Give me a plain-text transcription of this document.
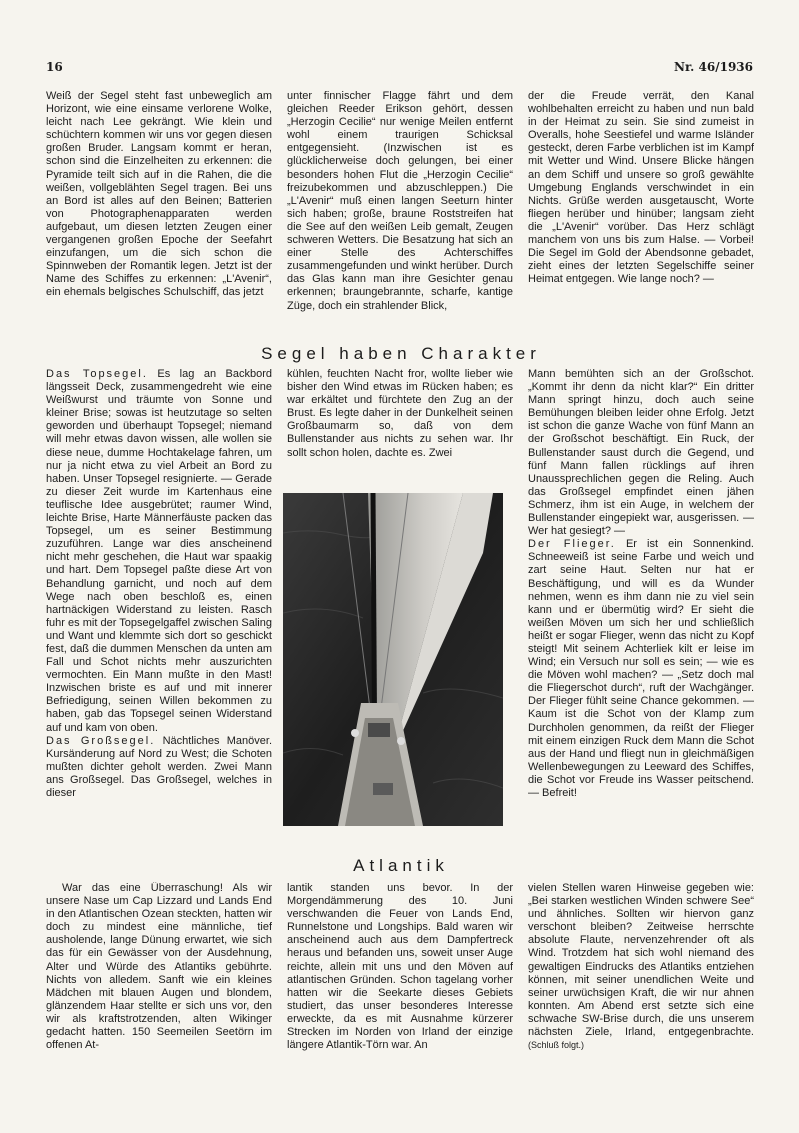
16	Nr. 46/1936

Weiß der Segel steht fast unbeweglich am Horizont, wie eine einsame verlorene Wolke, leicht nach Lee gekrängt. Wie klein und schüchtern kommen wir uns vor gegen diesen großen Bruder. Langsam kommt er heran, schon sind die Einzelheiten zu erkennen: die Pyramide teilt sich auf in die Rahen, die die weißen, vollgeblähten Segel tragen. Bei uns an Bord ist alles auf den Beinen; Batterien von Photographenapparaten werden aufgebaut, um diesen letzten Zeugen einer vergangenen großen Epoche der Seefahrt einzufangen, um die sich schon die Spinnweben der Romantik legen. Jetzt ist der Name des Schiffes zu erkennen: „L'Avenir“, ein ehemals belgisches Schulschiff, das jetzt

unter finnischer Flagge fährt und dem gleichen Reeder Erikson gehört, dessen „Herzogin Cecilie“ nur wenige Meilen entfernt wohl einem traurigen Schicksal entgegensieht. (Inzwischen ist es glücklicherweise doch gelungen, bei einer besonders hohen Flut die „Herzogin Cecilie“ freizubekommen und abzuschleppen.) Die „L'Avenir“ muß einen langen Seeturn hinter sich haben; große, braune Roststreifen hat die See auf den weißen Leib gemalt, Zeugen schweren Wetters. Die Besatzung hat sich an einer Stelle des Achterschiffes zusammengefunden und winkt herüber. Durch das Glas kann man ihre Gesichter genau erkennen; braungebrannte, scharfe, kantige Züge, doch ein strahlender Blick,

der die Freude verrät, den Kanal wohlbehalten erreicht zu haben und nun bald in der Heimat zu sein. Sie sind zumeist in Overalls, hohe Seestiefel und warme Isländer gesteckt, deren Farbe verblichen ist im Kampf mit Wetter und Wind. Unsere Blicke hängen an dem Schiff und unsere so groß gewählte Umgebung Englands verschwindet in ein Nichts. Grüße werden ausgetauscht, Worte fliegen herüber und hinüber; langsam zieht die „L'Avenir“ vorüber. Das Herz schlägt manchem von uns bis zum Halse. — Vorbei! Die Segel im Gold der Abendsonne gebadet, zieht eines der letzten Segelschiffe seiner Heimat entgegen. Wie lange noch? —

Segel haben Charakter

Das Topsegel. Es lag an Backbord längsseit Deck, zusammengedreht wie eine Weißwurst und träumte von Sonne und kleiner Brise; sowas ist heutzutage so selten geworden und überhaupt Topsegel; niemand will mehr etwas davon wissen, alle wollen sie diese neue, dumme Hochtakelage fahren, um nur ja nicht etwa zu viel Arbeit an Bord zu haben. Unser Topsegel resignierte. — Gerade zu dieser Zeit wurde im Kartenhaus eine teuflische Idee ausgebrütet; raumer Wind, leichte Brise, Harte Männerfäuste packen das Topsegel, um es seiner Bestimmung zuzuführen. Lange war dies anscheinend nicht mehr geschehen, die Haut war spaakig und hart. Dem Topsegel paßte diese Art von Behandlung garnicht, und noch auf dem Wege nach oben beschloß es, einen hartnäckigen Widerstand zu leisten. Rasch fuhr es mit der Topsegelgaffel zwischen Saling und Want und klemmte sich dort so geschickt fest, daß die dummen Menschen da unten am Fall und Schot nichts mehr auszurichten vermochten. Ein Mann mußte in den Mast! Inzwischen briste es auf und mit innerer Befriedigung, seinen Willen bekommen zu haben, gab das Topsegel seinen Widerstand auf und kam von oben.

Das Großsegel. Nächtliches Manöver. Kursänderung auf Nord zu West; die Schoten mußten dichter geholt werden. Zwei Mann ans Großsegel. Das Großsegel, welches in dieser

kühlen, feuchten Nacht fror, wollte lieber wie bisher den Wind etwas im Rücken haben; es war erkältet und fürchtete den Zug an der Brust. Es legte daher in der Dunkelheit seinen Großbaumarm so, daß von dem Bullenstander aus nichts zu sehen war. Ihr sollt schon holen, dachte es. Zwei

Mann bemühten sich an der Großschot. „Kommt ihr denn da nicht klar?“ Ein dritter Mann springt hinzu, doch auch seine Bemühungen bleiben leider ohne Erfolg. Jetzt ist schon die ganze Wache von fünf Mann an der Großschot beschäftigt. Ein Ruck, der Bullenstander saust durch die Gegend, und fünf Mann fallen rücklings auf ihren Unaussprechlichen gegen die Reling. Auch das Großsegel empfindet einen jähen Schmerz, ihm ist ein Auge, in welchem der Bullenstander eingepiekt war, ausgerissen. — Wer hat gesiegt? —

Der Flieger. Er ist ein Sonnenkind. Schneeweiß ist seine Farbe und weich und zart seine Haut. Selten nur hat er Beschäftigung, und will es da Wunder nehmen, wenn es ihm dann nie zu viel sein kann und er übermütig wird? Er sieht die weißen Möven um sich her und schließlich heißt er sogar Flieger, wenn das nicht zu Kopf steigt! Mit seinem Achterliek kilt er leise im Wind; ein Versuch nur soll es sein; — wie es die Möven wohl machen? — „Setz doch mal die Fliegerschot durch“, ruft der Wachgänger. Der Flieger fühlt seine Chance gekommen. — Kaum ist die Schot von der Klamp zum Durchholen genommen, da reißt der Flieger mit einem einzigen Ruck dem Mann die Schot aus der Hand und fliegt nun in gleichmäßigen Wellenbewegungen zu Leeward des Schiffes, die Schot vor Freude ins Wasser peitschend. — Befreit!

Atlantik

War das eine Überraschung! Als wir unsere Nase um Cap Lizzard und Lands End in den Atlantischen Ozean steckten, hatten wir doch zu mindest eine männliche, tief ausholende, lange Dünung erwartet, wie sich das für ein Gewässer von der Ausdehnung, Alter und Würde des Atlantiks gebührte. Nichts von alledem. Sanft wie ein kleines Mädchen mit blauen Augen und blondem, glänzendem Haar stellte er sich uns vor, den wir als kraftstrotzenden, alten Wikinger gedacht hatten. 150 Seemeilen Seetörn im offenen At-

lantik standen uns bevor. In der Morgendämmerung des 10. Juni verschwanden die Feuer von Lands End, Runnelstone und Longships. Bald waren wir anscheinend auch aus dem Dampfertreck heraus und befanden uns, soweit unser Auge reichte, allein mit uns und den Möven auf atlantischen Gründen. Schon tagelang vorher hatten wir die Seekarte dieses Gebiets studiert, das unser besonderes Interesse erweckte, da es mit Ausnahme kürzerer Strecken im Norden von Irland der einzige längere Atlantik-Törn war. An

vielen Stellen waren Hinweise gegeben wie: „Bei starken westlichen Winden schwere See“ und ähnliches. Sollten wir hiervon ganz verschont bleiben? Zeitweise herrschte absolute Flaute, nervenzehrender oft als Wind. Trotzdem hat sich wohl niemand des gewaltigen Eindrucks des Atlantiks entziehen können, mit seiner unendlichen Weite und seiner urwüchsigen Kraft, die wir nur ahnen konnten. Am Abend erst setzte sich eine schwache SW-Brise durch, die uns unserem nächsten Ziele, Irland, entgegenbrachte. (Schluß folgt.)
